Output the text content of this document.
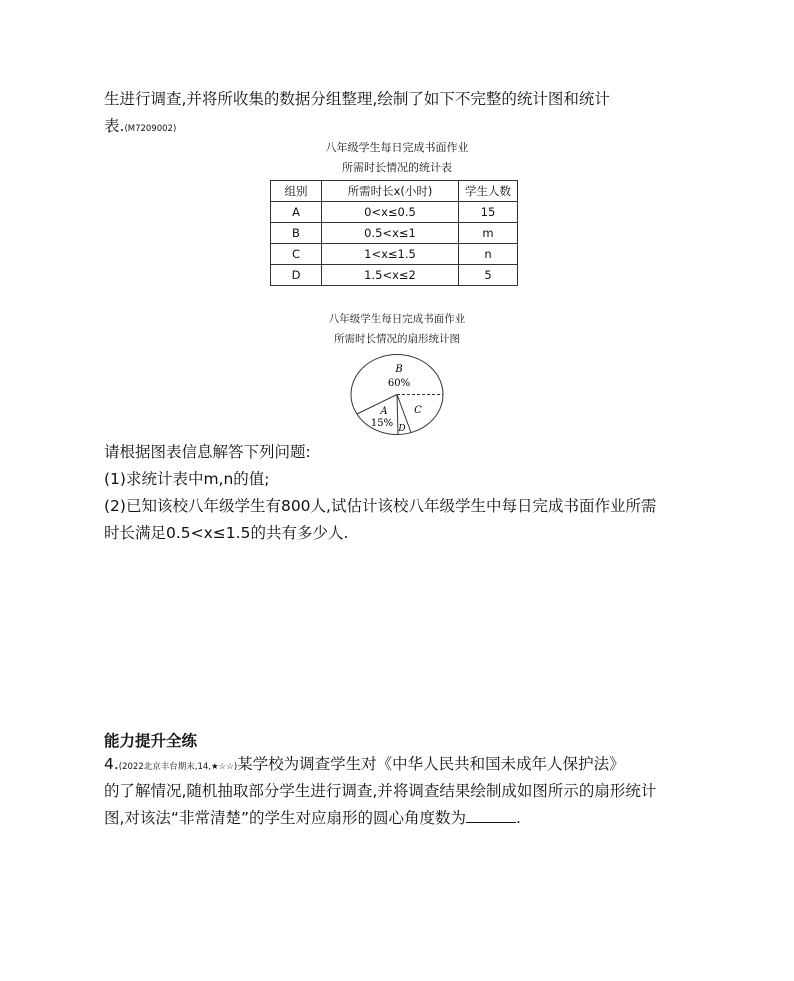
生进行调查,并将所收集的数据分组整理,绘制了如下不完整的统计图和统计
表.(M7209002)
八年级学生每日完成书面作业
所需时长情况的统计表
组别	所需时长x(小时)	学生人数
A	0<x≤0.5	15
B	0.5<x≤1	m
C	1<x≤1.5	n
D	1.5<x≤2	5
八年级学生每日完成书面作业
所需时长情况的扇形统计图
B
60%
A
15%
C
D
请根据图表信息解答下列问题:
(1)求统计表中m,n的值;
(2)已知该校八年级学生有800人,试估计该校八年级学生中每日完成书面作业所需
时长满足0.5<x≤1.5的共有多少人.
能力提升全练
4.(2022北京丰台期末,14,★☆☆)某学校为调查学生对《中华人民共和国未成年人保护法》
的了解情况,随机抽取部分学生进行调查,并将调查结果绘制成如图所示的扇形统计
图,对该法“非常清楚”的学生对应扇形的圆心角度数为	.
